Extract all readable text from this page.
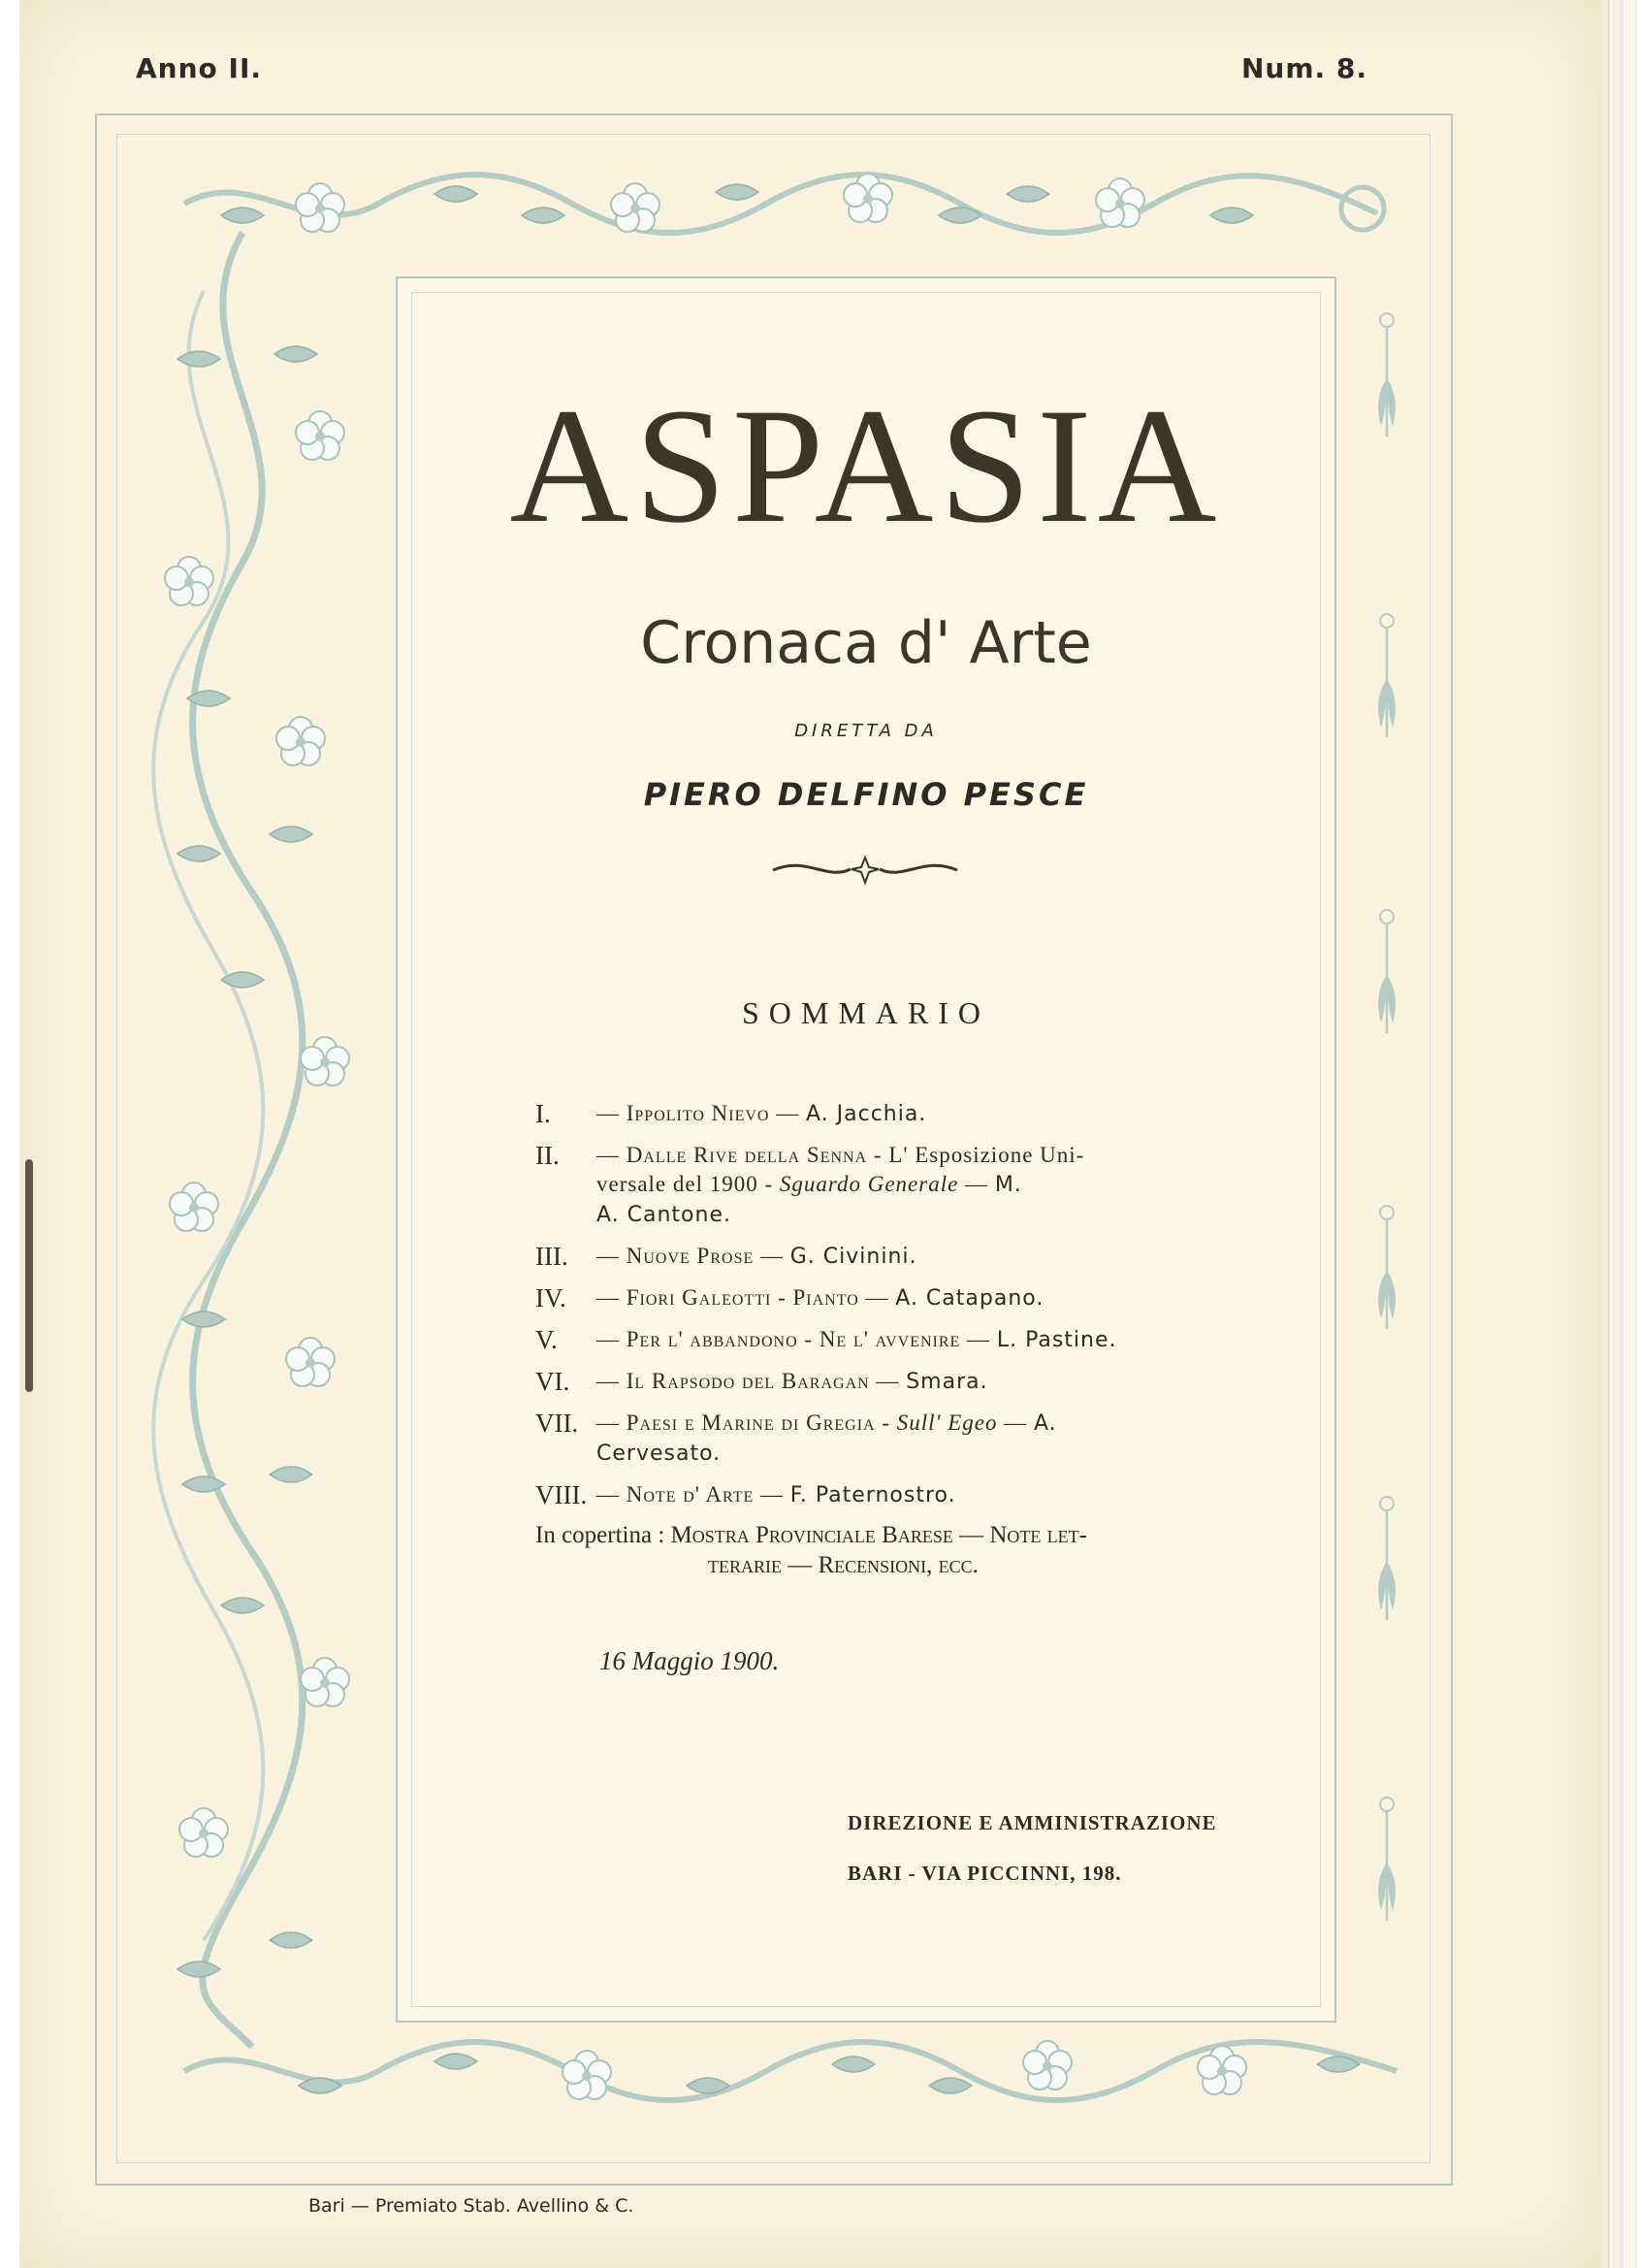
Anno II.	Num. 8.
ASPASIA
Cronaca d' Arte
DIRETTA DA
PIERO DELFINO PESCE
SOMMARIO
I. — Ippolito Nievo — A. Jacchia.
II. — Dalle Rive della Senna - L' Esposizione Uni-
versale del 1900 - Sguardo Generale — M.
A. Cantone.
III. — Nuove Prose — G. Civinini.
IV. — Fiori Galeotti - Pianto — A. Catapano.
V. — Per l' abbandono - Ne l' avvenire — L. Pastine.
VI. — Il Rapsodo del Baragan — Smara.
VII. — Paesi e Marine di Gregia - Sull' Egeo — A.
Cervesato.
VIII. — Note d' Arte — F. Paternostro.
In copertina : Mostra Provinciale Barese — Note let-
terarie — Recensioni, ecc.
16 Maggio 1900.
DIREZIONE E AMMINISTRAZIONE
BARI - VIA PICCINNI, 198.
Bari — Premiato Stab. Avellino & C.
